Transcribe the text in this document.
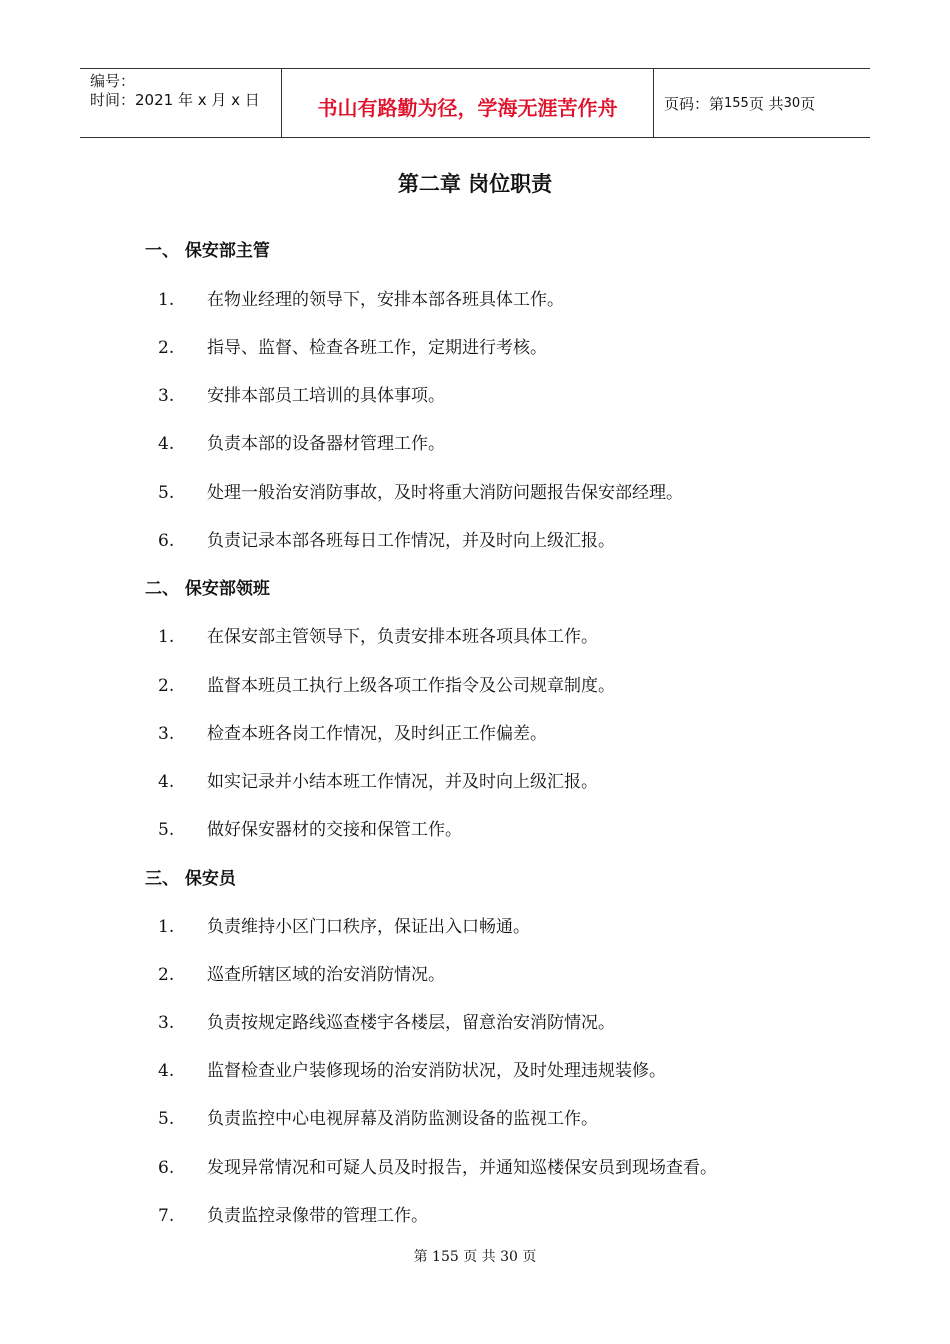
编号：
时间：2021 年 x 月 x 日	书山有路勤为径，学海无涯苦作舟	页码：第 155 页 共 30 页
第二章 岗位职责
一、 保安部主管
1. 在物业经理的领导下，安排本部各班具体工作。
2. 指导、监督、检查各班工作，定期进行考核。
3. 安排本部员工培训的具体事项。
4. 负责本部的设备器材管理工作。
5. 处理一般治安消防事故，及时将重大消防问题报告保安部经理。
6. 负责记录本部各班每日工作情况，并及时向上级汇报。
二、 保安部领班
1. 在保安部主管领导下，负责安排本班各项具体工作。
2. 监督本班员工执行上级各项工作指令及公司规章制度。
3. 检查本班各岗工作情况，及时纠正工作偏差。
4. 如实记录并小结本班工作情况，并及时向上级汇报。
5. 做好保安器材的交接和保管工作。
三、 保安员
1. 负责维持小区门口秩序，保证出入口畅通。
2. 巡查所辖区域的治安消防情况。
3. 负责按规定路线巡查楼宇各楼层，留意治安消防情况。
4. 监督检查业户装修现场的治安消防状况，及时处理违规装修。
5. 负责监控中心电视屏幕及消防监测设备的监视工作。
6. 发现异常情况和可疑人员及时报告，并通知巡楼保安员到现场查看。
7. 负责监控录像带的管理工作。
第 155 页 共 30 页
